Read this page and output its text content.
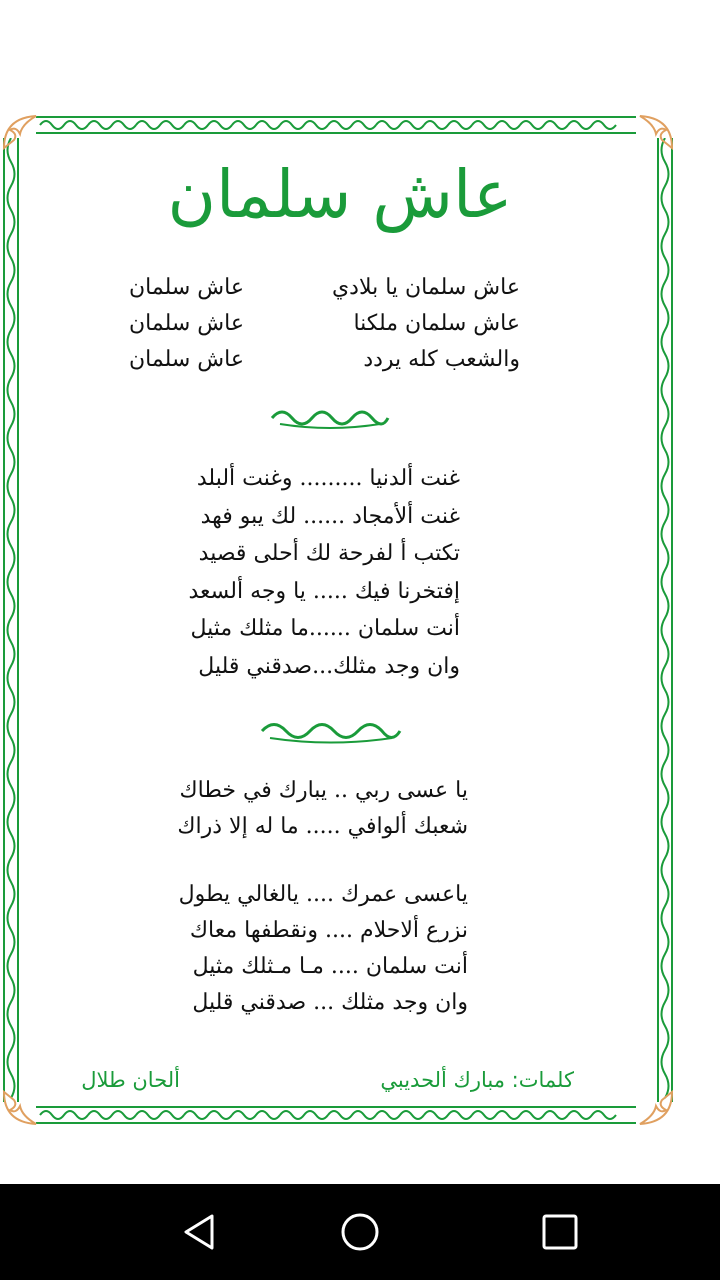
عاش سلمان
عاش سلمان يا بلادي
عاش سلمان ملكنا
والشعب كله يردد
عاش سلمان
عاش سلمان
عاش سلمان
غنت ألدنيا ......... وغنت ألبلد
غنت ألأمجاد ...... لك يبو فهد
تكتب أ لفرحة لك أحلى قصيد
إفتخرنا فيك ..... يا وجه ألسعد
أنت سلمان ......ما مثلك مثيل
وان وجد مثلك...صدقني قليل
يا عسى ربي .. يبارك في خطاك
شعبك ألوافي ..... ما له إلا ذراك
ياعسى عمرك .... يالغالي يطول
نزرع ألاحلام .... ونقطفها معاك
أنت سلمان .... مـا مـثلك مثيل
وان وجد مثلك ... صدقني قليل
كلمات: مبارك ألحديبي
ألحان طلال
